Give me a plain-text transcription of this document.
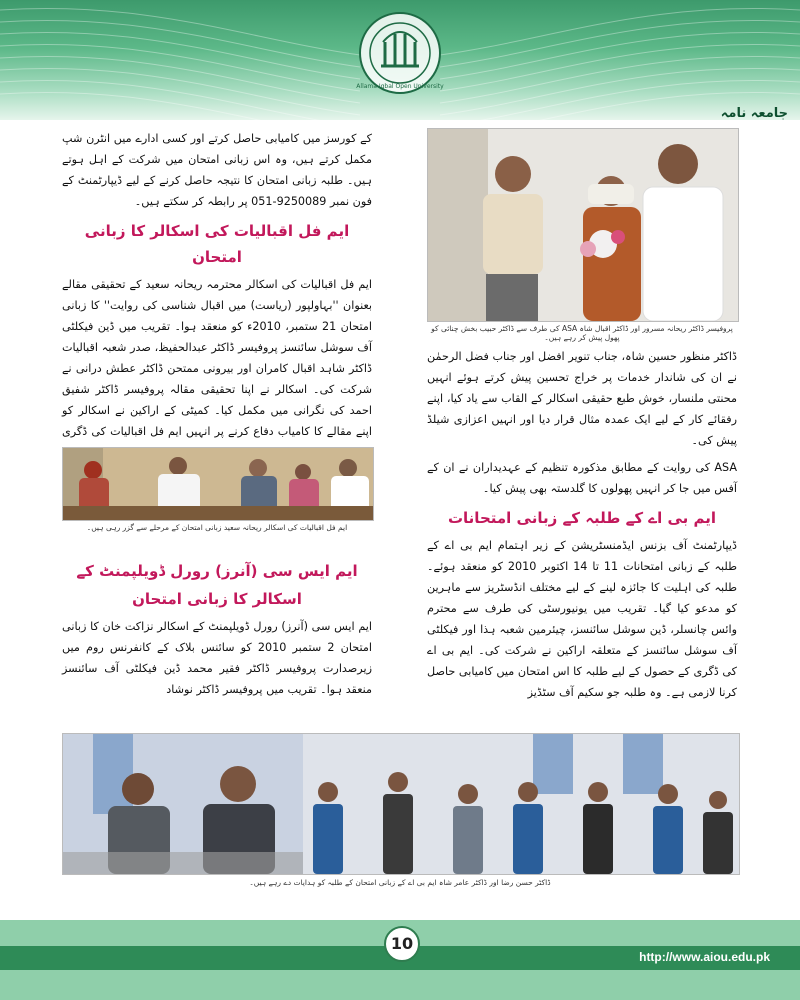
Allama Iqbal Open University
جامعہ نامہ
پروفیسر ڈاکٹر ریحانہ مسرور اور ڈاکٹر اقبال شاہ ASA کی طرف سے ڈاکٹر حبیب بخش چنائی کو پھول پیش کر رہے ہیں۔

ڈاکٹر منظور حسین شاہ، جناب تنویر افضل اور جناب فضل الرحمٰن نے ان کی شاندار خدمات پر خراج تحسین پیش کرتے ہوئے انہیں محنتی ملنسار، خوش طبع حقیقی اسکالر کے القاب سے یاد کیا، اپنے رفقائے کار کے لیے ایک عمدہ مثال قرار دیا اور انہیں اعزازی شیلڈ پیش کی۔

ASA کی روایت کے مطابق مذکورہ تنظیم کے عہدیداران نے ان کے آفس میں جا کر انہیں پھولوں کا گلدستہ بھی پیش کیا۔

ایم بی اے کے طلبہ کے زبانی امتحانات

ڈیپارٹمنٹ آف بزنس ایڈمنسٹریشن کے زیر اہتمام ایم بی اے کے طلبہ کے زبانی امتحانات 11 تا 14 اکتوبر 2010 کو منعقد ہوئے۔ طلبہ کی اہلیت کا جائزہ لینے کے لیے مختلف انڈسٹریز سے ماہرین کو مدعو کیا گیا۔ تقریب میں یونیورسٹی کی طرف سے محترم وائس چانسلر، ڈین سوشل سائنسز، چیئرمین شعبہ ہذا اور فیکلٹی آف سوشل سائنسز کے متعلقہ اراکین نے شرکت کی۔ ایم بی اے کی ڈگری کے حصول کے لیے طلبہ کا اس امتحان میں کامیابی حاصل کرنا لازمی ہے۔ وہ طلبہ جو سکیم آف سٹڈیز

کے کورسز میں کامیابی حاصل کرتے اور کسی ادارے میں انٹرن شپ مکمل کرتے ہیں، وہ اس زبانی امتحان میں شرکت کے اہل ہوتے ہیں۔ طلبہ زبانی امتحان کا نتیجہ حاصل کرنے کے لیے ڈیپارٹمنٹ کے فون نمبر 9250089-051 پر رابطہ کر سکتے ہیں۔

ایم فل اقبالیات کی اسکالر کا زبانی امتحان

ایم فل اقبالیات کی اسکالر محترمہ ریحانہ سعید کے تحقیقی مقالے بعنوان ''بہاولپور (ریاست) میں اقبال شناسی کی روایت'' کا زبانی امتحان 21 ستمبر، 2010ء کو منعقد ہوا۔ تقریب میں ڈین فیکلٹی آف سوشل سائنسز پروفیسر ڈاکٹر عبدالحفیظ، صدر شعبہ اقبالیات ڈاکٹر شاہد اقبال کامران اور بیرونی ممتحن ڈاکٹر عطش درانی نے شرکت کی۔ اسکالر نے اپنا تحقیقی مقالہ پروفیسر ڈاکٹر شفیق احمد کی نگرانی میں مکمل کیا۔ کمیٹی کے اراکین نے اسکالر کو اپنے مقالے کا کامیاب دفاع کرنے پر انہیں ایم فل اقبالیات کی ڈگری

ایم فل اقبالیات کی اسکالر ریحانہ سعید زبانی امتحان کے مرحلے سے گزر رہی ہیں۔
ایم ایس سی (آنرز) رورل ڈویلپمنٹ کے
اسکالر کا زبانی امتحان

ایم ایس سی (آنرز) رورل ڈویلپمنٹ کے اسکالر نزاکت خان کا زبانی امتحان 2 ستمبر 2010 کو سائنس بلاک کے کانفرنس روم میں زیرصدارت پروفیسر ڈاکٹر فقیر محمد ڈین فیکلٹی آف سائنسز منعقد ہوا۔ تقریب میں پروفیسر ڈاکٹر نوشاد

ڈاکٹر حسن رضا اور ڈاکٹر عامر شاہ ایم بی اے کے زبانی امتحان کے طلبہ کو ہدایات دے رہے ہیں۔
10
http://www.aiou.edu.pk
